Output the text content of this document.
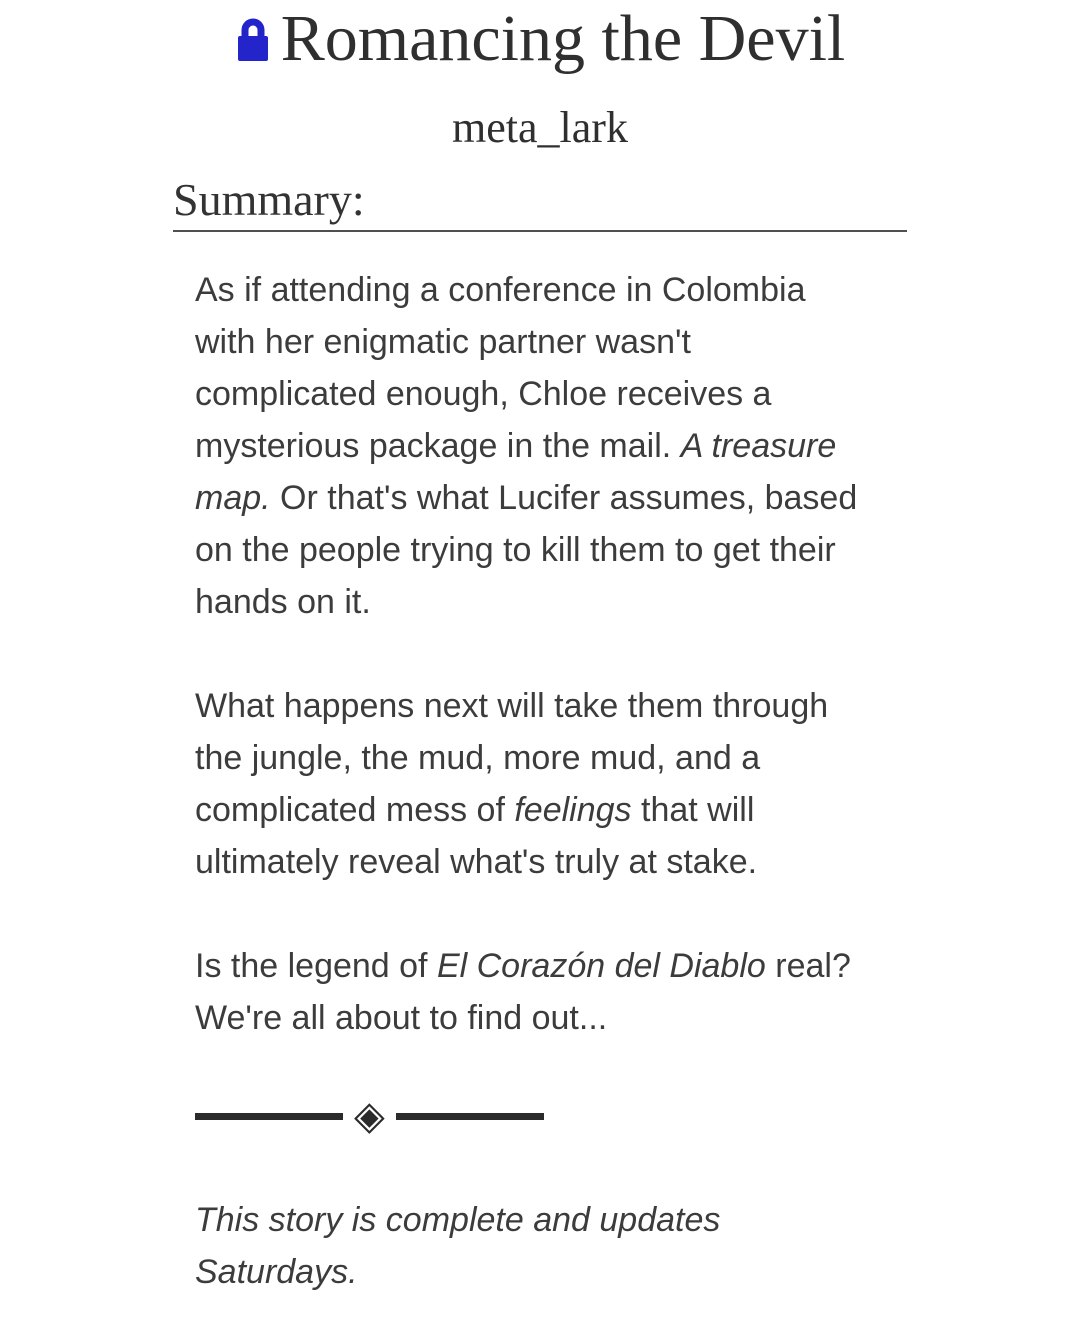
Romancing the Devil
meta_lark
Summary:

As if attending a conference in Colombia with her enigmatic partner wasn't complicated enough, Chloe receives a mysterious package in the mail. A treasure map. Or that's what Lucifer assumes, based on the people trying to kill them to get their hands on it.

What happens next will take them through the jungle, the mud, more mud, and a complicated mess of feelings that will ultimately reveal what's truly at stake.

Is the legend of El Corazón del Diablo real? We're all about to find out...

◈

This story is complete and updates Saturdays.
